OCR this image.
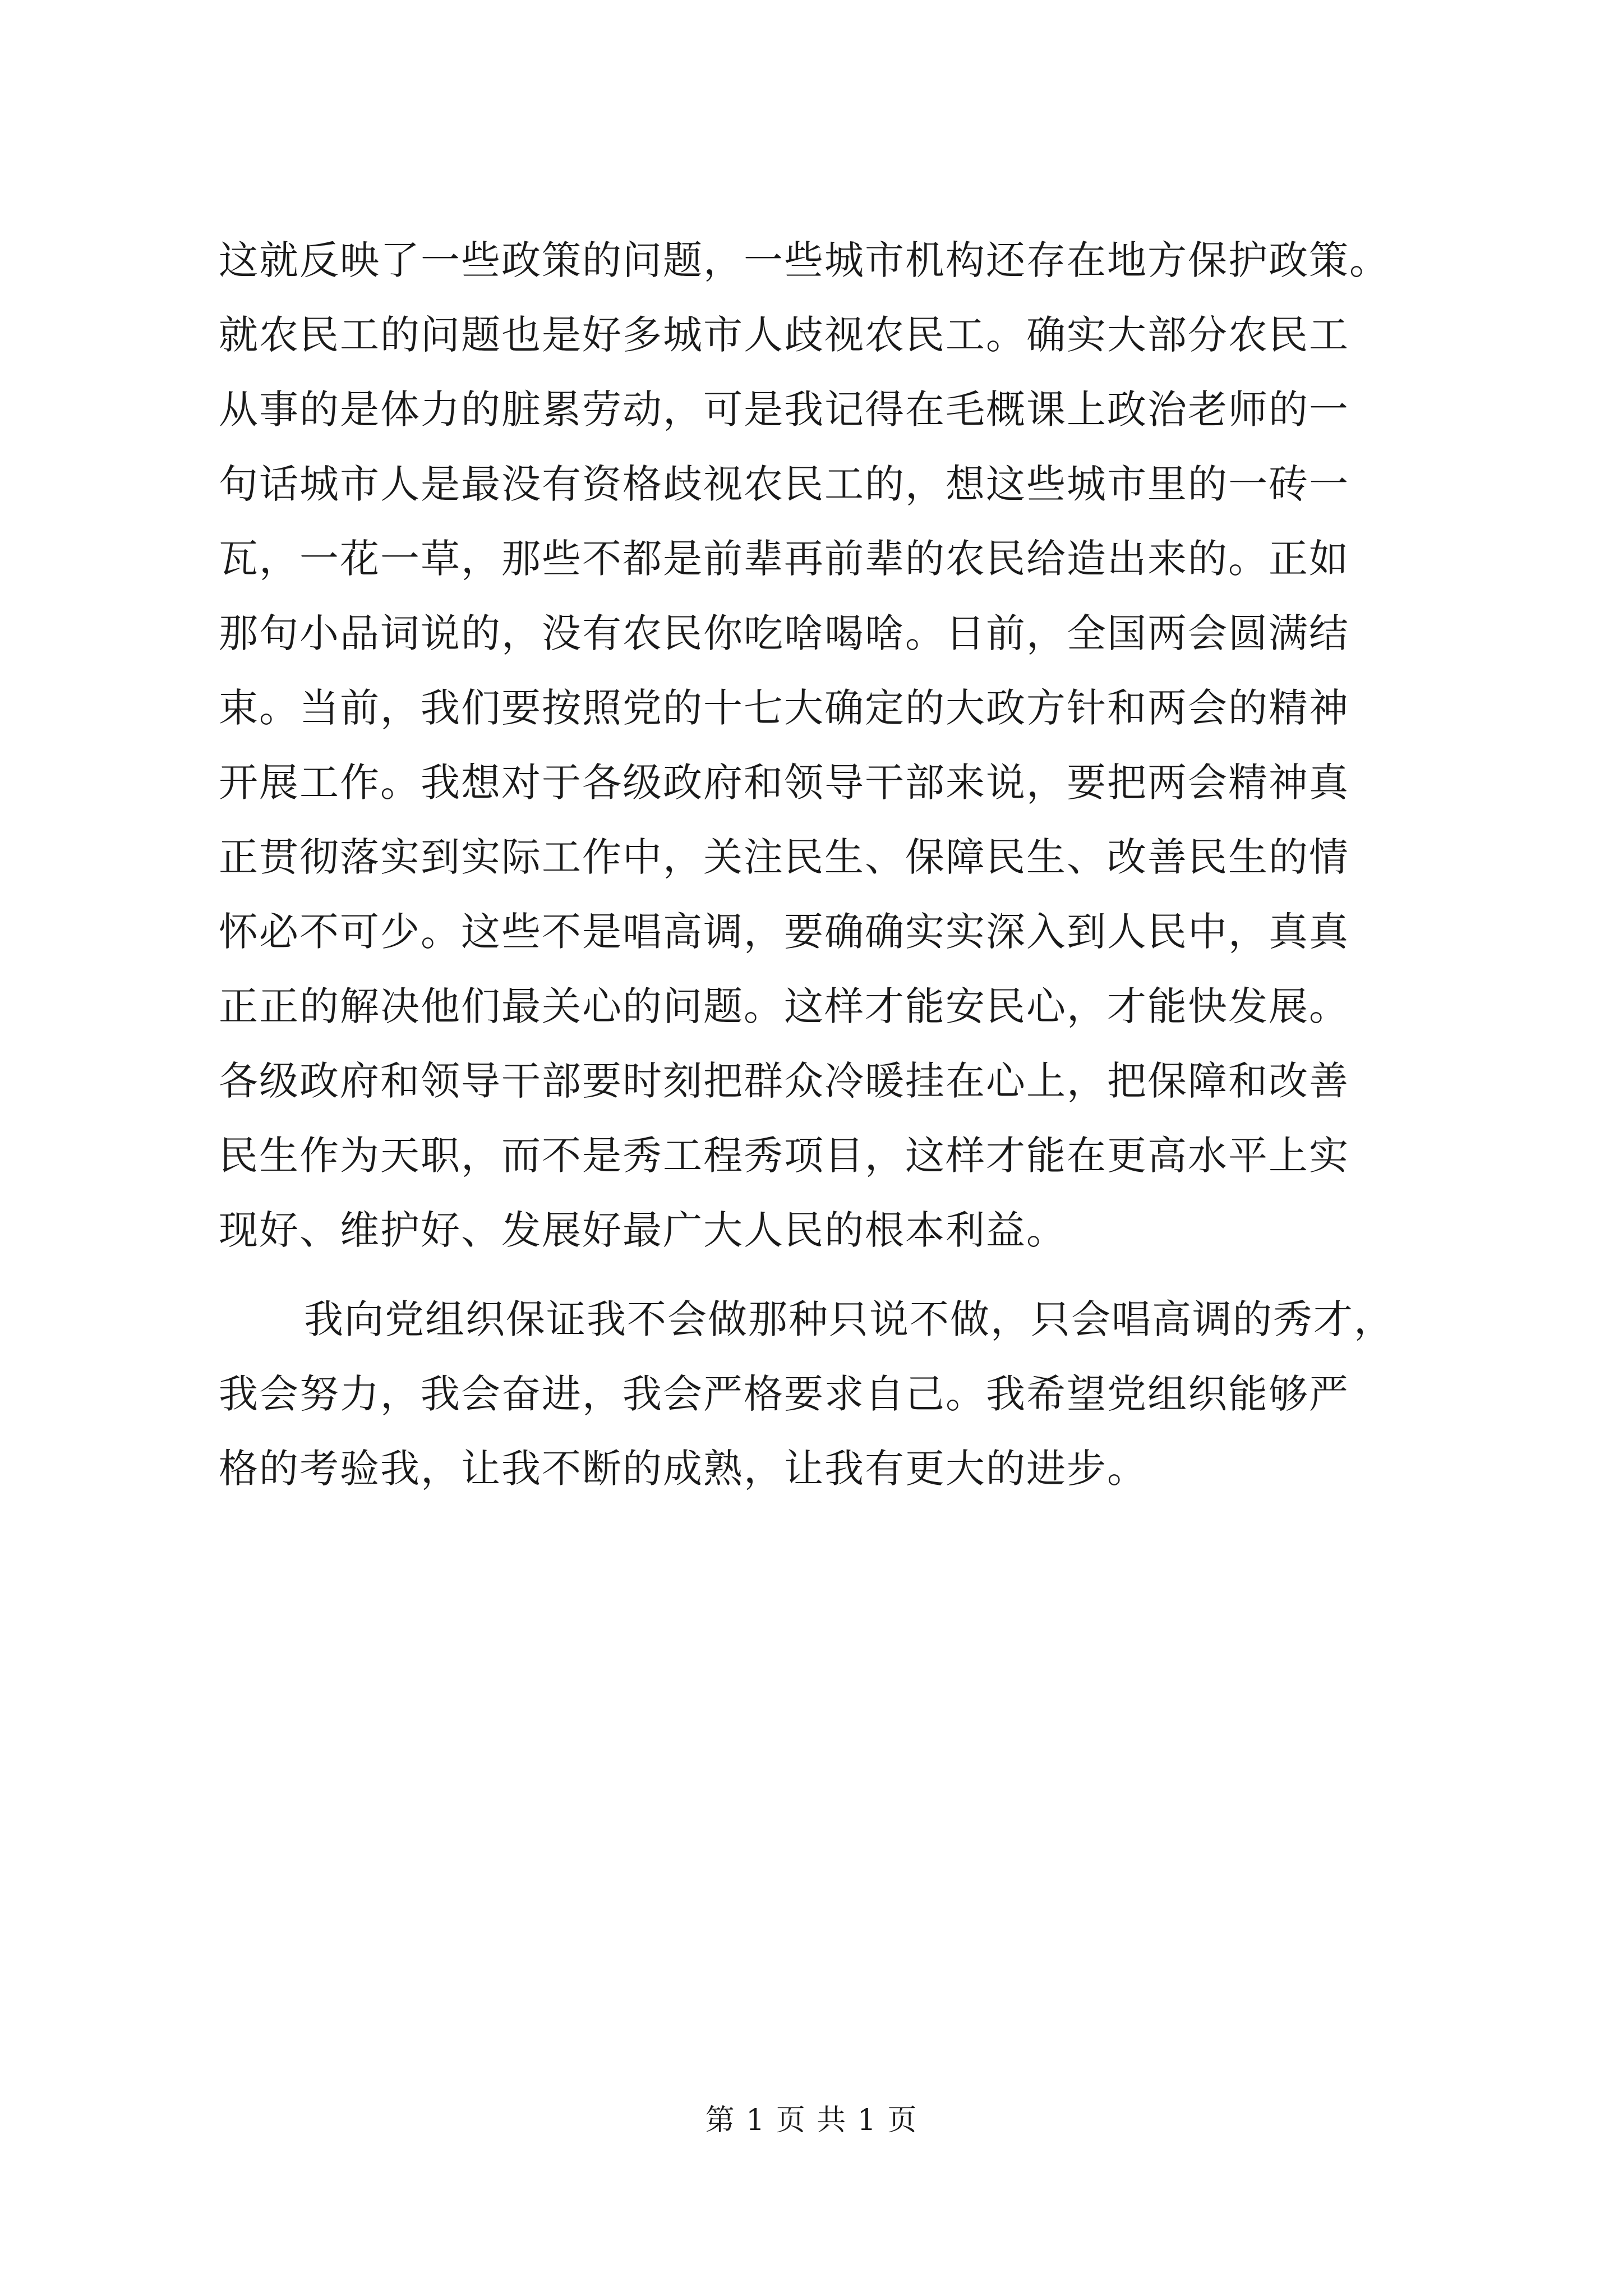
这就反映了一些政策的问题，一些城市机构还存在地方保护政策。
就农民工的问题也是好多城市人歧视农民工。确实大部分农民工
从事的是体力的脏累劳动，可是我记得在毛概课上政治老师的一
句话城市人是最没有资格歧视农民工的，想这些城市里的一砖一
瓦，一花一草，那些不都是前辈再前辈的农民给造出来的。正如
那句小品词说的，没有农民你吃啥喝啥。日前，全国两会圆满结
束。当前，我们要按照党的十七大确定的大政方针和两会的精神
开展工作。我想对于各级政府和领导干部来说，要把两会精神真
正贯彻落实到实际工作中，关注民生、保障民生、改善民生的情
怀必不可少。这些不是唱高调，要确确实实深入到人民中，真真
正正的解决他们最关心的问题。这样才能安民心，才能快发展。
各级政府和领导干部要时刻把群众冷暖挂在心上，把保障和改善
民生作为天职，而不是秀工程秀项目，这样才能在更高水平上实
现好、维护好、发展好最广大人民的根本利益。
我向党组织保证我不会做那种只说不做，只会唱高调的秀才，
我会努力，我会奋进，我会严格要求自己。我希望党组织能够严
格的考验我，让我不断的成熟，让我有更大的进步。
第 1 页 共 1 页
